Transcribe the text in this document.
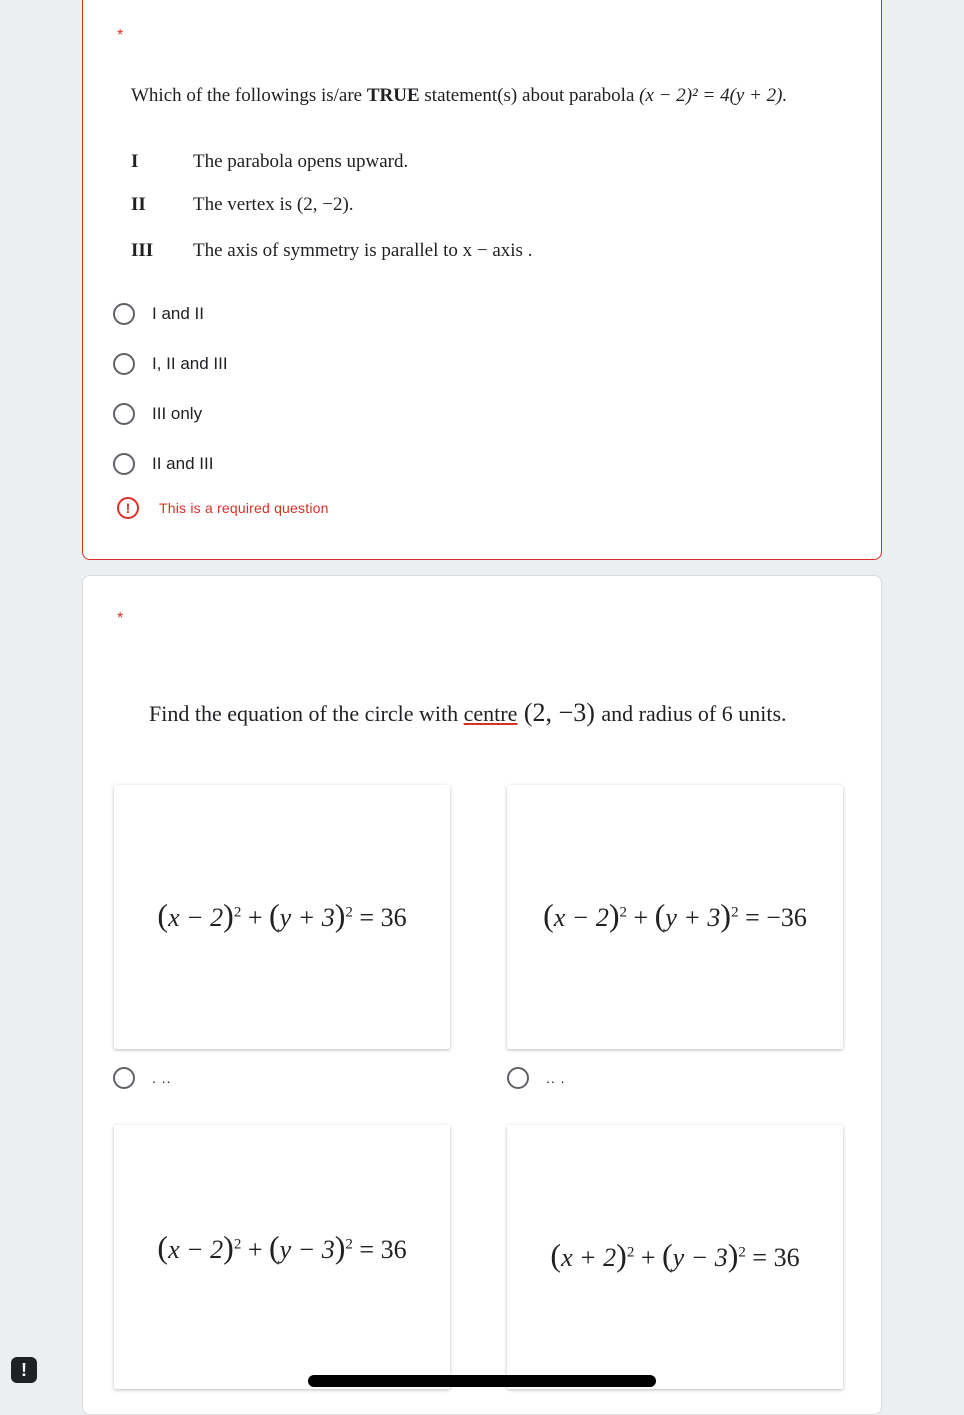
*
Which of the followings is/are TRUE statement(s) about parabola (x − 2)² = 4(y + 2).
I	The parabola opens upward.
II The vertex is (2, −2).
III The axis of symmetry is parallel to x − axis .
I and II
I, II and III
III only
II and III
!	This is a required question
*
Find the equation of the circle with centre (2, −3) and radius of 6 units.
$(x - 2)^2 + (y + 3)^2 = 36$	$(x - 2)^2 + (y + 3)^2 = -36$
. ..	.. .
$(x - 2)^2 + (y - 3)^2 = 36$	$(x + 2)^2 + (y - 3)^2 = 36$
!
